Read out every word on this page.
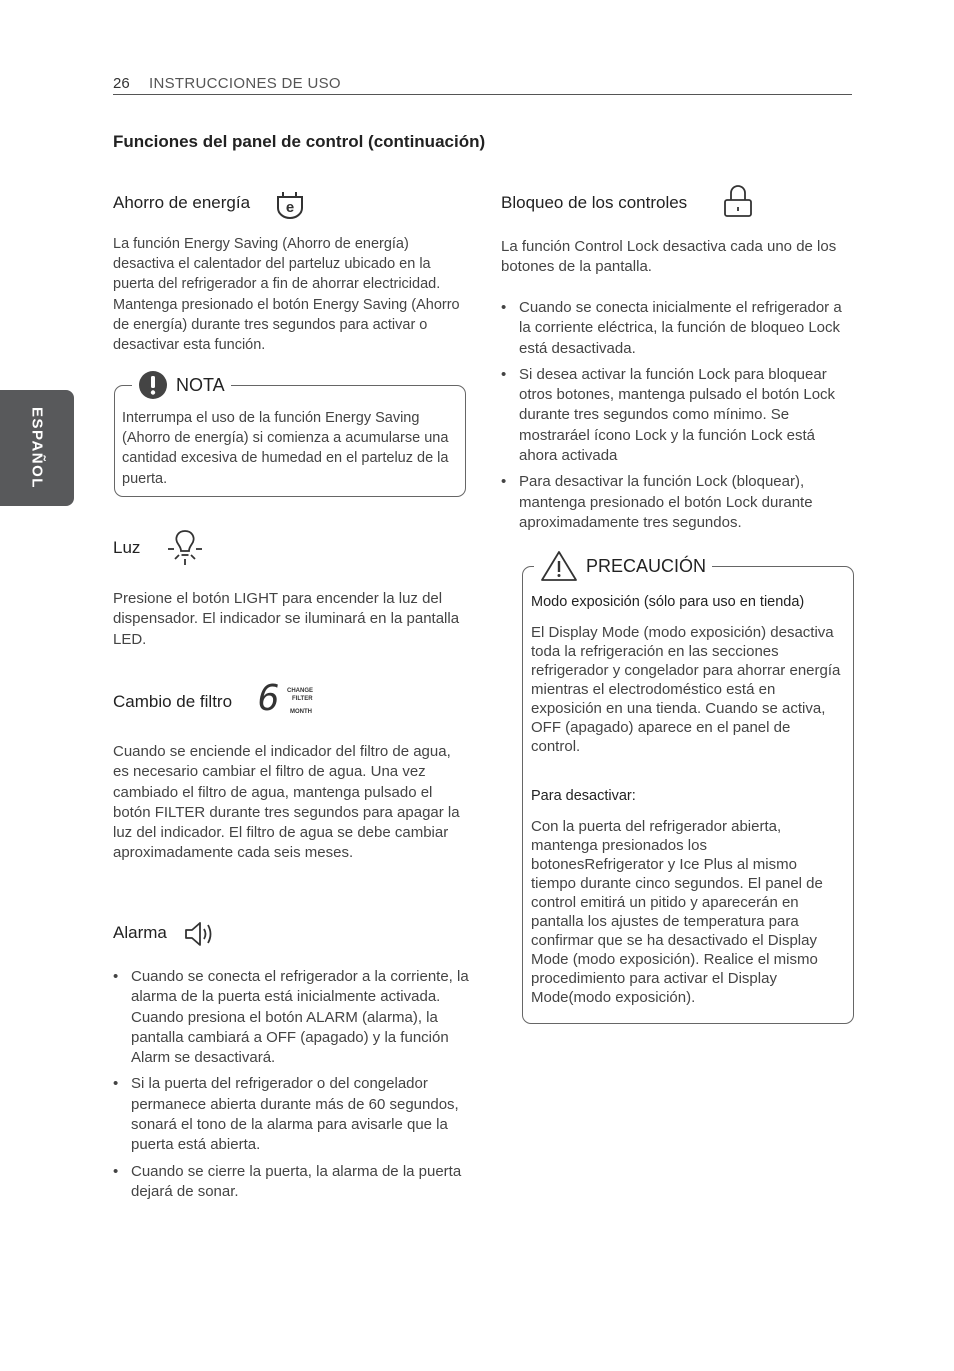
26 INSTRUCCIONES DE USO
ESPAÑOL
Funciones del panel de control (continuación)
Ahorro de energía e
La función Energy Saving (Ahorro de energía) desactiva el calentador del parteluz ubicado en la puerta del refrigerador a fin de ahorrar electricidad. Mantenga presionado el botón Energy Saving (Ahorro de energía) durante tres segundos para activar o desactivar esta función.
NOTA
Interrumpa el uso de la función Energy Saving (Ahorro de energía) si comienza a acumularse una cantidad excesiva de humedad en el parteluz de la puerta.
Luz
Presione el botón LIGHT para encender la luz del dispensador. El indicador se iluminará en la pantalla LED.
Cambio de filtro 6 CHANGE
FILTER
MONTH
Cuando se enciende el indicador del filtro de agua, es necesario cambiar el filtro de agua. Una vez cambiado el filtro de agua, mantenga pulsado el botón FILTER durante tres segundos para apagar la luz del indicador. El filtro de agua se debe cambiar aproximadamente cada seis meses.
Alarma
• Cuando se conecta el refrigerador a la corriente, la alarma de la puerta está inicialmente activada. Cuando presiona el botón ALARM (alarma), la pantalla cambiará a OFF (apagado) y la función Alarm se desactivará.
• Si la puerta del refrigerador o del congelador permanece abierta durante más de 60 segundos, sonará el tono de la alarma para avisarle que la puerta está abierta.
• Cuando se cierre la puerta, la alarma de la puerta dejará de sonar.
Bloqueo de los controles
La función Control Lock desactiva cada uno de los botones de la pantalla.
• Cuando se conecta inicialmente el refrigerador a la corriente eléctrica, la función de bloqueo Lock está desactivada.
• Si desea activar la función Lock para bloquear otros botones, mantenga pulsado el botón Lock durante tres segundos como mínimo. Se mostraráel ícono Lock y la función Lock está ahora activada
• Para desactivar la función Lock (bloquear), mantenga presionado el botón Lock durante aproximadamente tres segundos.
PRECAUCIÓN
Modo exposición (sólo para uso en tienda)
El Display Mode (modo exposición) desactiva toda la refrigeración en las secciones refrigerador y congelador para ahorrar energía mientras el electrodoméstico está en exposición en una tienda. Cuando se activa, OFF (apagado) aparece en el panel de control.
Para desactivar:
Con la puerta del refrigerador abierta, mantenga presionados los botonesRefrigerator y Ice Plus al mismo tiempo durante cinco segundos. El panel de control emitirá un pitido y aparecerán en pantalla los ajustes de temperatura para confirmar que se ha desactivado el Display Mode (modo exposición). Realice el mismo procedimiento para activar el Display Mode(modo exposición).
